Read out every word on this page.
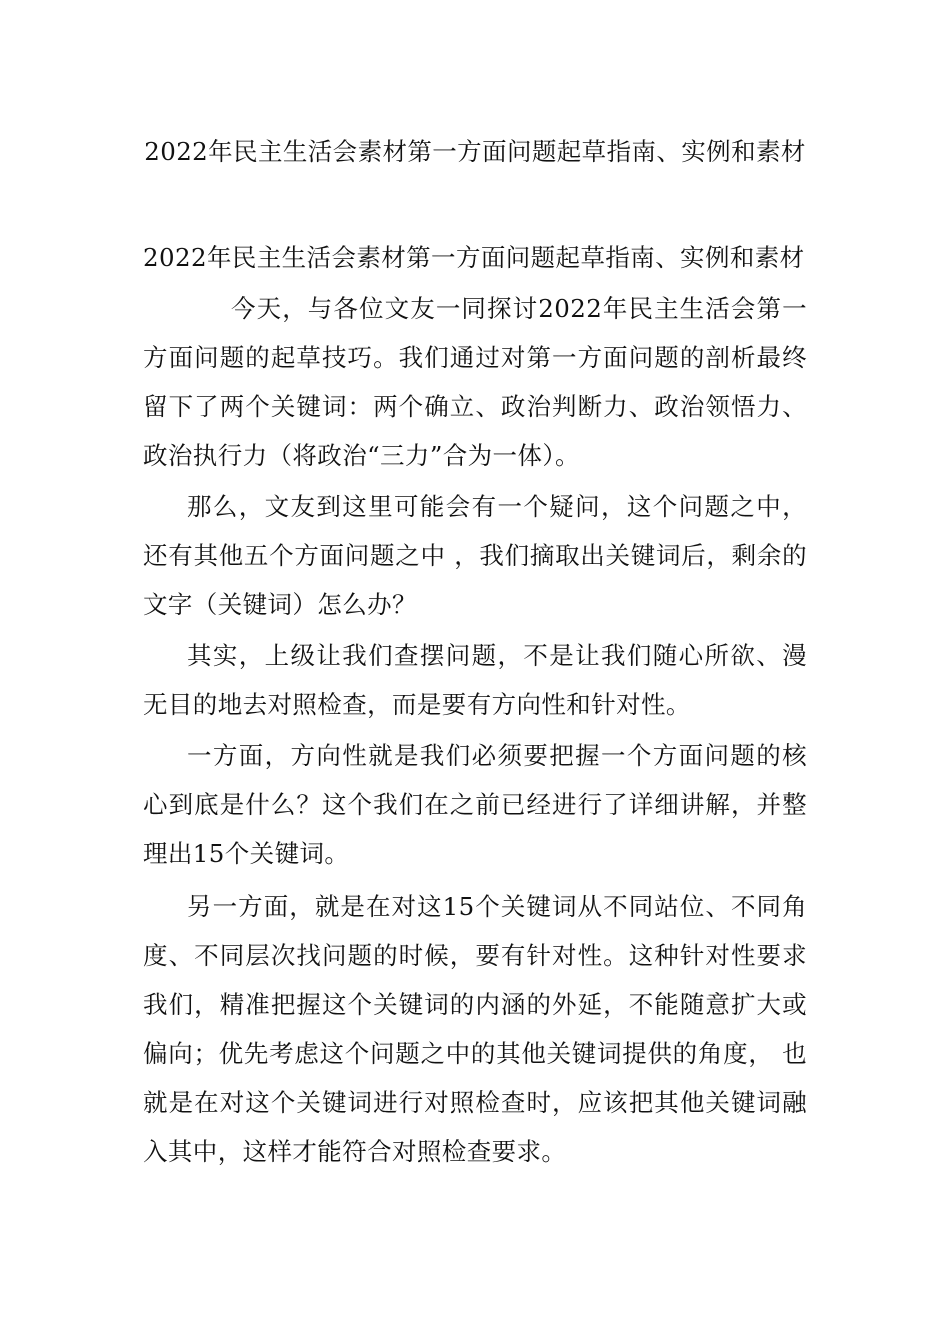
2022年民主生活会素材第一方面问题起草指南、实例和素材

2022年民主生活会素材第一方面问题起草指南、实例和素材

今天，与各位文友一同探讨2022年民主生活会第一方面问题的起草技巧。我们通过对第一方面问题的剖析最终留下了两个关键词：两个确立、政治判断力、政治领悟力、政治执行力（将政治“三力”合为一体）。

那么，文友到这里可能会有一个疑问，这个问题之中，还有其他五个方面问题之中 ，我们摘取出关键词后，剩余的文字（关键词）怎么办？

其实，上级让我们查摆问题，不是让我们随心所欲、漫无目的地去对照检查，而是要有方向性和针对性。

一方面，方向性就是我们必须要把握一个方面问题的核心到底是什么？这个我们在之前已经进行了详细讲解，并整理出15个关键词。

另一方面，就是在对这15个关键词从不同站位、不同角度、不同层次找问题的时候，要有针对性。这种针对性要求我们，精准把握这个关键词的内涵的外延，不能随意扩大或偏向；优先考虑这个问题之中的其他关键词提供的角度， 也就是在对这个关键词进行对照检查时，应该把其他关键词融入其中，这样才能符合对照检查要求。
